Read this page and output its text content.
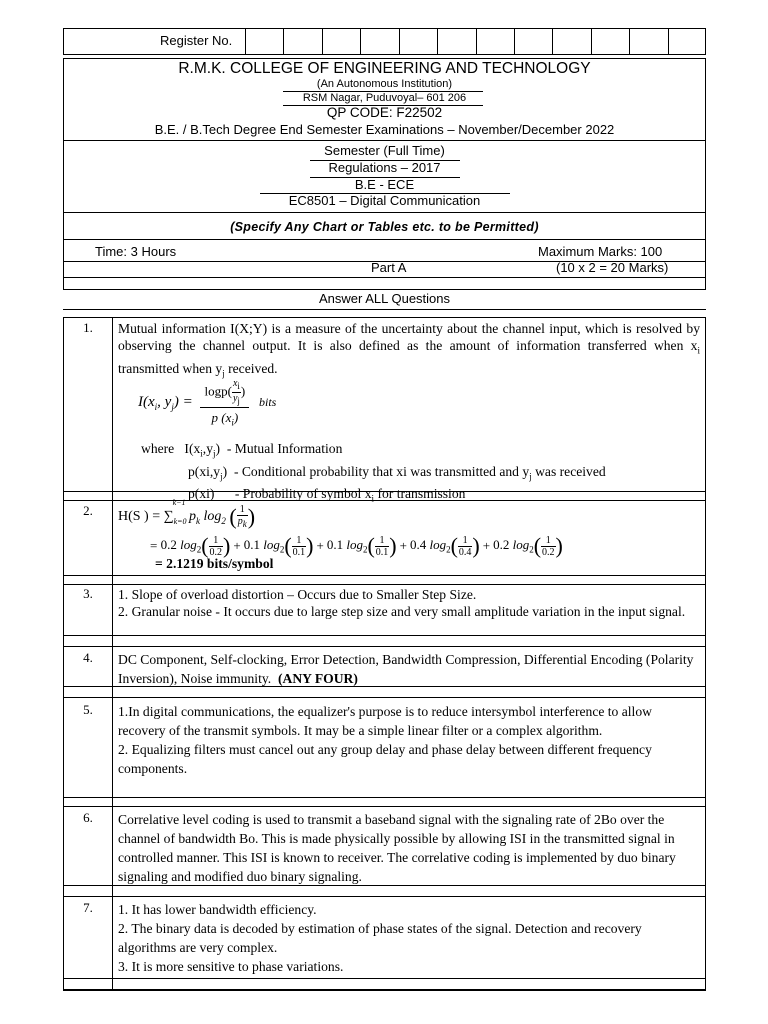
Register No.
R.M.K. COLLEGE OF ENGINEERING AND TECHNOLOGY
(An Autonomous Institution)
RSM Nagar, Puduvoyal– 601 206
QP CODE: F22502
B.E. / B.Tech Degree End Semester Examinations – November/December 2022
Semester (Full Time)
Regulations – 2017
B.E - ECE
EC8501 – Digital Communication
(Specify Any Chart or Tables etc. to be Permitted)
Time: 3 Hours	Maximum Marks: 100
Part A	(10 x 2 = 20 Marks)
Answer ALL Questions
1.	Mutual information I(X;Y) is a measure of the uncertainty about the channel input, which is resolved by observing the channel output. It is also defined as the amount of information transferred when $x_i$ transmitted when $y_j$ received.
$I(x_i$, $y_j$) =
$\log p( \frac{x_i}{y_j}$ )
p $(x_i)$
bits
where $I(x_i,y_j)$  - Mutual Information
$p(xi,y_j)$  - Conditional probability that xi was transmitted and $y_j$ was received
p(xi) - Probability of symbol $x_i$ for transmission
2.	H(S ) = $\sum_{k=0}^{k-1}$ $p_k$ $\log_2$ ( $\frac{1}{p_k}$ )
= 0.2 $\log_2( \frac{1}{0.2}$ ) + 0.1 $\log_2( \frac{1}{0.1}$ ) + 0.1 $\log_2( \frac{1}{0.1}$ ) + 0.4 $\log_2( \frac{1}{0.4}$ ) + 0.2 $\log_2( \frac{1}{0.2}$ )
= 2.1219 bits/symbol
3.	1. Slope of overload distortion – Occurs due to Smaller Step Size.

2. Granular noise - It occurs due to large step size and very small amplitude variation in the input signal.

4.	DC Component, Self-clocking, Error Detection, Bandwidth Compression, Differential Encoding (Polarity Inversion), Noise immunity. (ANY FOUR)
5.	1.In digital communications, the equalizer's purpose is to reduce intersymbol interference to allow recovery of the transmit symbols. It may be a simple linear filter or a complex algorithm.

2. Equalizing filters must cancel out any group delay and phase delay between different frequency components.

6.	Correlative level coding is used to transmit a baseband signal with the signaling rate of 2Bo over the channel of bandwidth Bo. This is made physically possible by allowing ISI in the transmitted signal in controlled manner. This ISI is known to receiver. The correlative coding is implemented by duo binary signaling and modified duo binary signaling.

7.	1. It has lower bandwidth efficiency.

2. The binary data is decoded by estimation of phase states of the signal. Detection and recovery algorithms are very complex.

3. It is more sensitive to phase variations.
